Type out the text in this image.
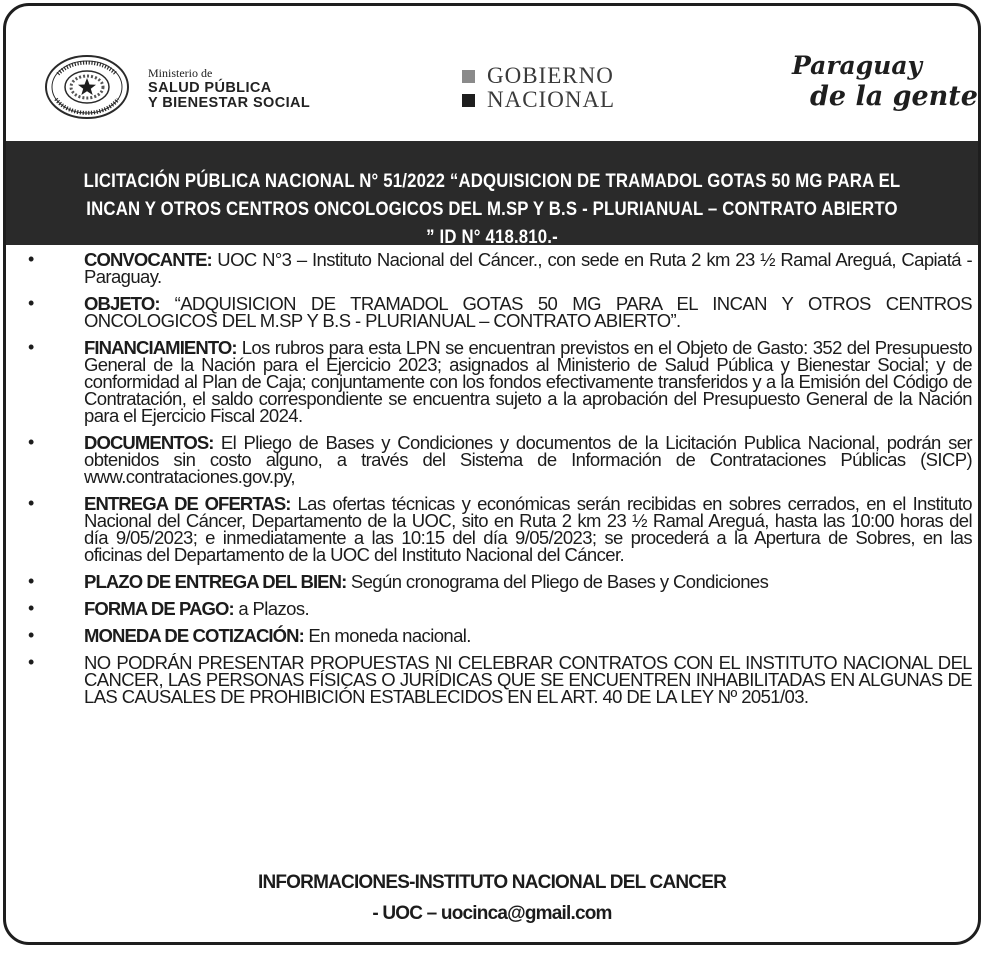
Ministerio de
SALUD PÚBLICA
Y BIENESTAR SOCIAL
GOBIERNO
NACIONAL
Paraguay
de la gente
LICITACIÓN PÚBLICA NACIONAL N° 51/2022 “ADQUISICION DE TRAMADOL GOTAS 50 MG PARA EL INCAN Y OTROS CENTROS ONCOLOGICOS DEL M.SP Y B.S - PLURIANUAL – CONTRATO ABIERTO ” ID N° 418.810.-
•	CONVOCANTE: UOC N°3 – Instituto Nacional del Cáncer., con sede en Ruta 2 km 23 ½ Ramal Areguá, Capiatá - Paraguay.
•	OBJETO: “ADQUISICION DE TRAMADOL GOTAS 50 MG PARA EL INCAN Y OTROS CENTROS ONCOLOGICOS DEL M.SP Y B.S - PLURIANUAL – CONTRATO ABIERTO”.
•	FINANCIAMIENTO: Los rubros para esta LPN se encuentran previstos en el Objeto de Gasto: 352 del Presupuesto General de la Nación para el Ejercicio 2023; asignados al Ministerio de Salud Pública y Bienestar Social; y de conformidad al Plan de Caja; conjuntamente con los fondos efectivamente transferidos y a la Emisión del Código de Contratación, el saldo correspondiente se encuentra sujeto a la aprobación del Presupuesto General de la Nación para el Ejercicio Fiscal 2024.
•	DOCUMENTOS: El Pliego de Bases y Condiciones y documentos de la Licitación Publica Nacional, podrán ser obtenidos sin costo alguno, a través del Sistema de Información de Contrataciones Públicas (SICP) www.contrataciones.gov.py,
•	ENTREGA DE OFERTAS: Las ofertas técnicas y económicas serán recibidas en sobres cerrados, en el Instituto Nacional del Cáncer, Departamento de la UOC, sito en Ruta 2 km 23 ½ Ramal Areguá, hasta las 10:00 horas del día 9/05/2023; e inmediatamente a las 10:15 del día 9/05/2023; se procederá a la Apertura de Sobres, en las oficinas del Departamento de la UOC del Instituto Nacional del Cáncer.
•	PLAZO DE ENTREGA DEL BIEN: Según cronograma del Pliego de Bases y Condiciones
•	FORMA DE PAGO: a Plazos.
•	MONEDA DE COTIZACIÓN: En moneda nacional.
•	NO PODRÁN PRESENTAR PROPUESTAS NI CELEBRAR CONTRATOS CON EL INSTITUTO NACIONAL DEL CANCER, LAS PERSONAS FÍSICAS O JURÍDICAS QUE SE ENCUENTREN INHABILITADAS EN ALGUNAS DE LAS CAUSALES DE PROHIBICIÓN ESTABLECIDOS EN EL ART. 40 DE LA LEY Nº 2051/03.
INFORMACIONES-INSTITUTO NACIONAL DEL CANCER
- UOC – uocinca@gmail.com
